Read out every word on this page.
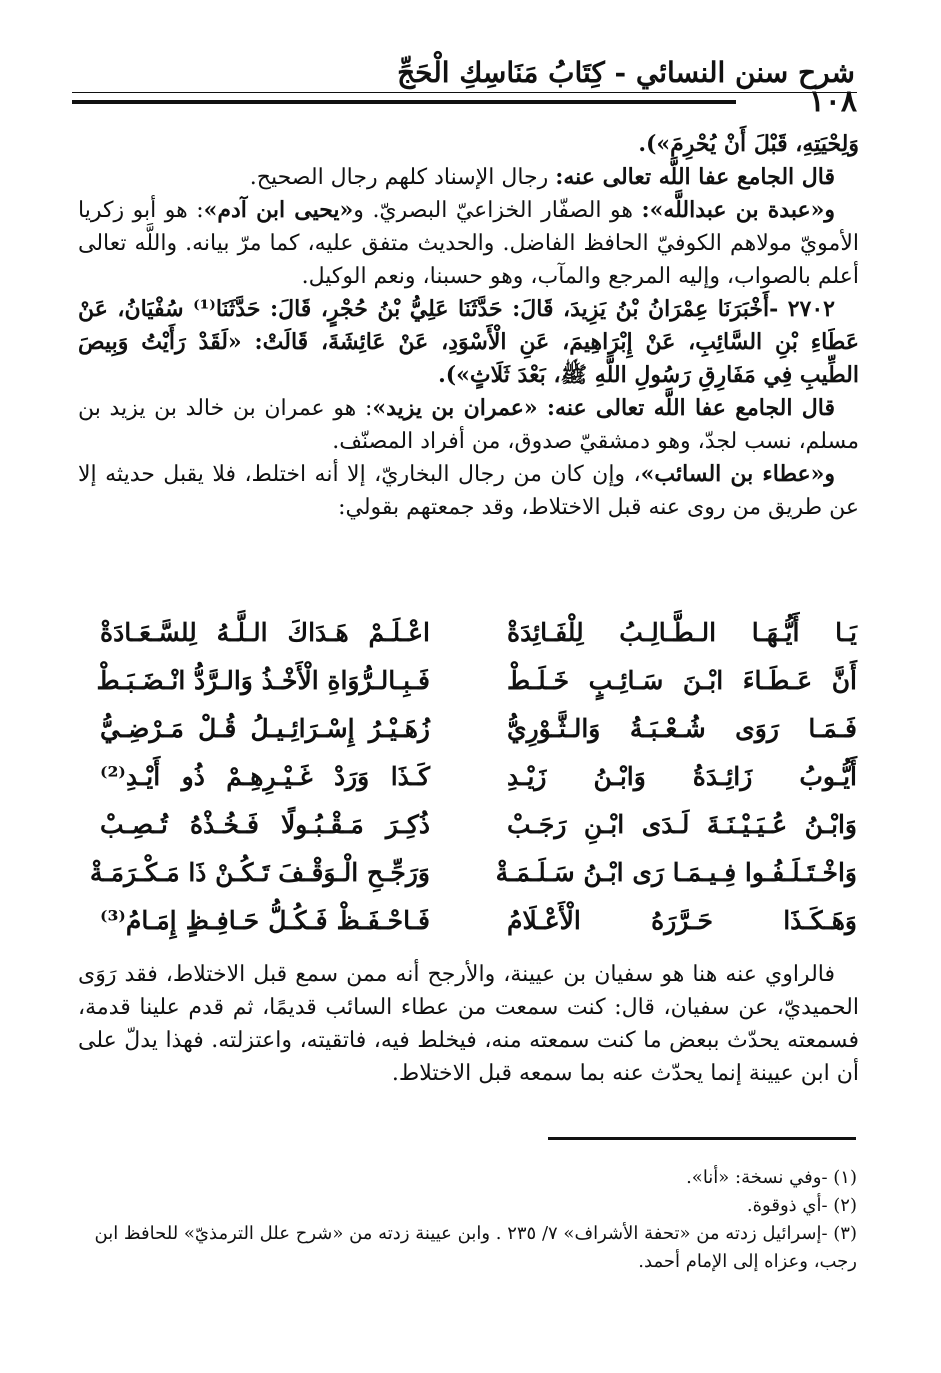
شرح سنن النسائي - كِتَابُ مَنَاسِكِ الْحَجِّ
١٠٨

وَلِحْيَتِهِ، قَبْلَ أَنْ يُحْرِمَ»).

قال الجامع عفا اللَّه تعالى عنه: رجال الإسناد كلهم رجال الصحيح.

و«عبدة بن عبداللَّه»: هو الصفّار الخزاعيّ البصريّ. و«يحيى ابن آدم»: هو أبو زكريا الأمويّ مولاهم الكوفيّ الحافظ الفاضل. والحديث متفق عليه، كما مرّ بيانه. واللَّه تعالى أعلم بالصواب، وإليه المرجع والمآب، وهو حسبنا، ونعم الوكيل.

٢٧٠٢ -أَخْبَرَنَا عِمْرَانُ بْنُ يَزِيدَ، قَالَ: حَدَّثَنَا عَلِيُّ بْنُ حُجْرٍ، قَالَ: حَدَّثَنَا⁽¹⁾ سُفْيَانُ، عَنْ عَطَاءِ بْنِ السَّائِبِ، عَنْ إِبْرَاهِيمَ، عَنِ الْأَسْوَدِ، عَنْ عَائِشَةَ، قَالَتْ: «لَقَدْ رَأَيْتُ وَبِيصَ الطِّيبِ فِي مَفَارِقِ رَسُولِ اللَّهِ ﷺ، بَعْدَ ثَلَاثٍ»).

قال الجامع عفا اللَّه تعالى عنه: «عمران بن يزيد»: هو عمران بن خالد بن يزيد بن مسلم، نسب لجدّ، وهو دمشقيّ صدوق، من أفراد المصنّف.

و«عطاء بن السائب»، وإن كان من رجال البخاريّ، إلا أنه اختلط، فلا يقبل حديثه إلا عن طريق من روى عنه قبل الاختلاط، وقد جمعتهم بقولي:

يَـا أَيُّـهَـا الـطَّـالِـبُ لِلْفَـائِدَةْ
اعْـلَـمْ هَـدَاكَ الـلَّـهُ لِلسَّـعَـادَةْ
أَنَّ عَـطَـاءَ ابْـنَ سَـائِـبٍ خَـلَـطْ
فَـبِـالـرُّوَاةِ الْأَخْـذُ وَالـرَّدُّ انْـضَـبَـطْ
فَـمَـا رَوَى شُـعْـبَـةُ وَالـثَّـوْرِيُّ
زُهَـيْـرُ إِسْـرَائِـيـلُ قُـلْ مَـرْضِـيُّ
أَيُّـوبُ زَائِـدَةُ وَابْـنُ زَيْـدِ
كَـذَا وَرَدْ غَـيْـرِهِـمْ ذُو أَيْـدِ⁽²⁾
وَابْـنُ عُـيَـيْـنَـةَ لَـدَى ابْـنِ رَجَـبْ
ذُكِـرَ مَـقْـبُـولًا فَـخُـذْهُ تُـصِـبْ
وَاخْـتَـلَـفُـوا فِـيـمَـا رَى ابْـنُ سَـلَـمَـةْ
وَرَجِّـحِ الْـوَقْـفَ تَـكُـنْ ذَا مَـكْـرَمَـةْ
وَهَـكَـذَا حَـرَّرَهُ الْأَعْـلَامُ
فَـاحْـفَـظْ فَـكُـلُّ حَـافِـظٍ إِمَـامُ⁽³⁾

فالراوي عنه هنا هو سفيان بن عيينة، والأرجح أنه ممن سمع قبل الاختلاط، فقد رَوَى الحميديّ، عن سفيان، قال: كنت سمعت من عطاء السائب قديمًا، ثم قدم علينا قدمة، فسمعته يحدّث ببعض ما كنت سمعته منه، فيخلط فيه، فاتقيته، واعتزلته. فهذا يدلّ على أن ابن عيينة إنما يحدّث عنه بما سمعه قبل الاختلاط.

(١) -وفي نسخة: «أنا».

(٢) -أي ذوقوة.

(٣) -إسرائيل زدته من «تحفة الأشراف» ٧/ ٢٣٥ . وابن عيينة زدته من «شرح علل الترمذيّ» للحافظ ابن رجب، وعزاه إلى الإمام أحمد.
